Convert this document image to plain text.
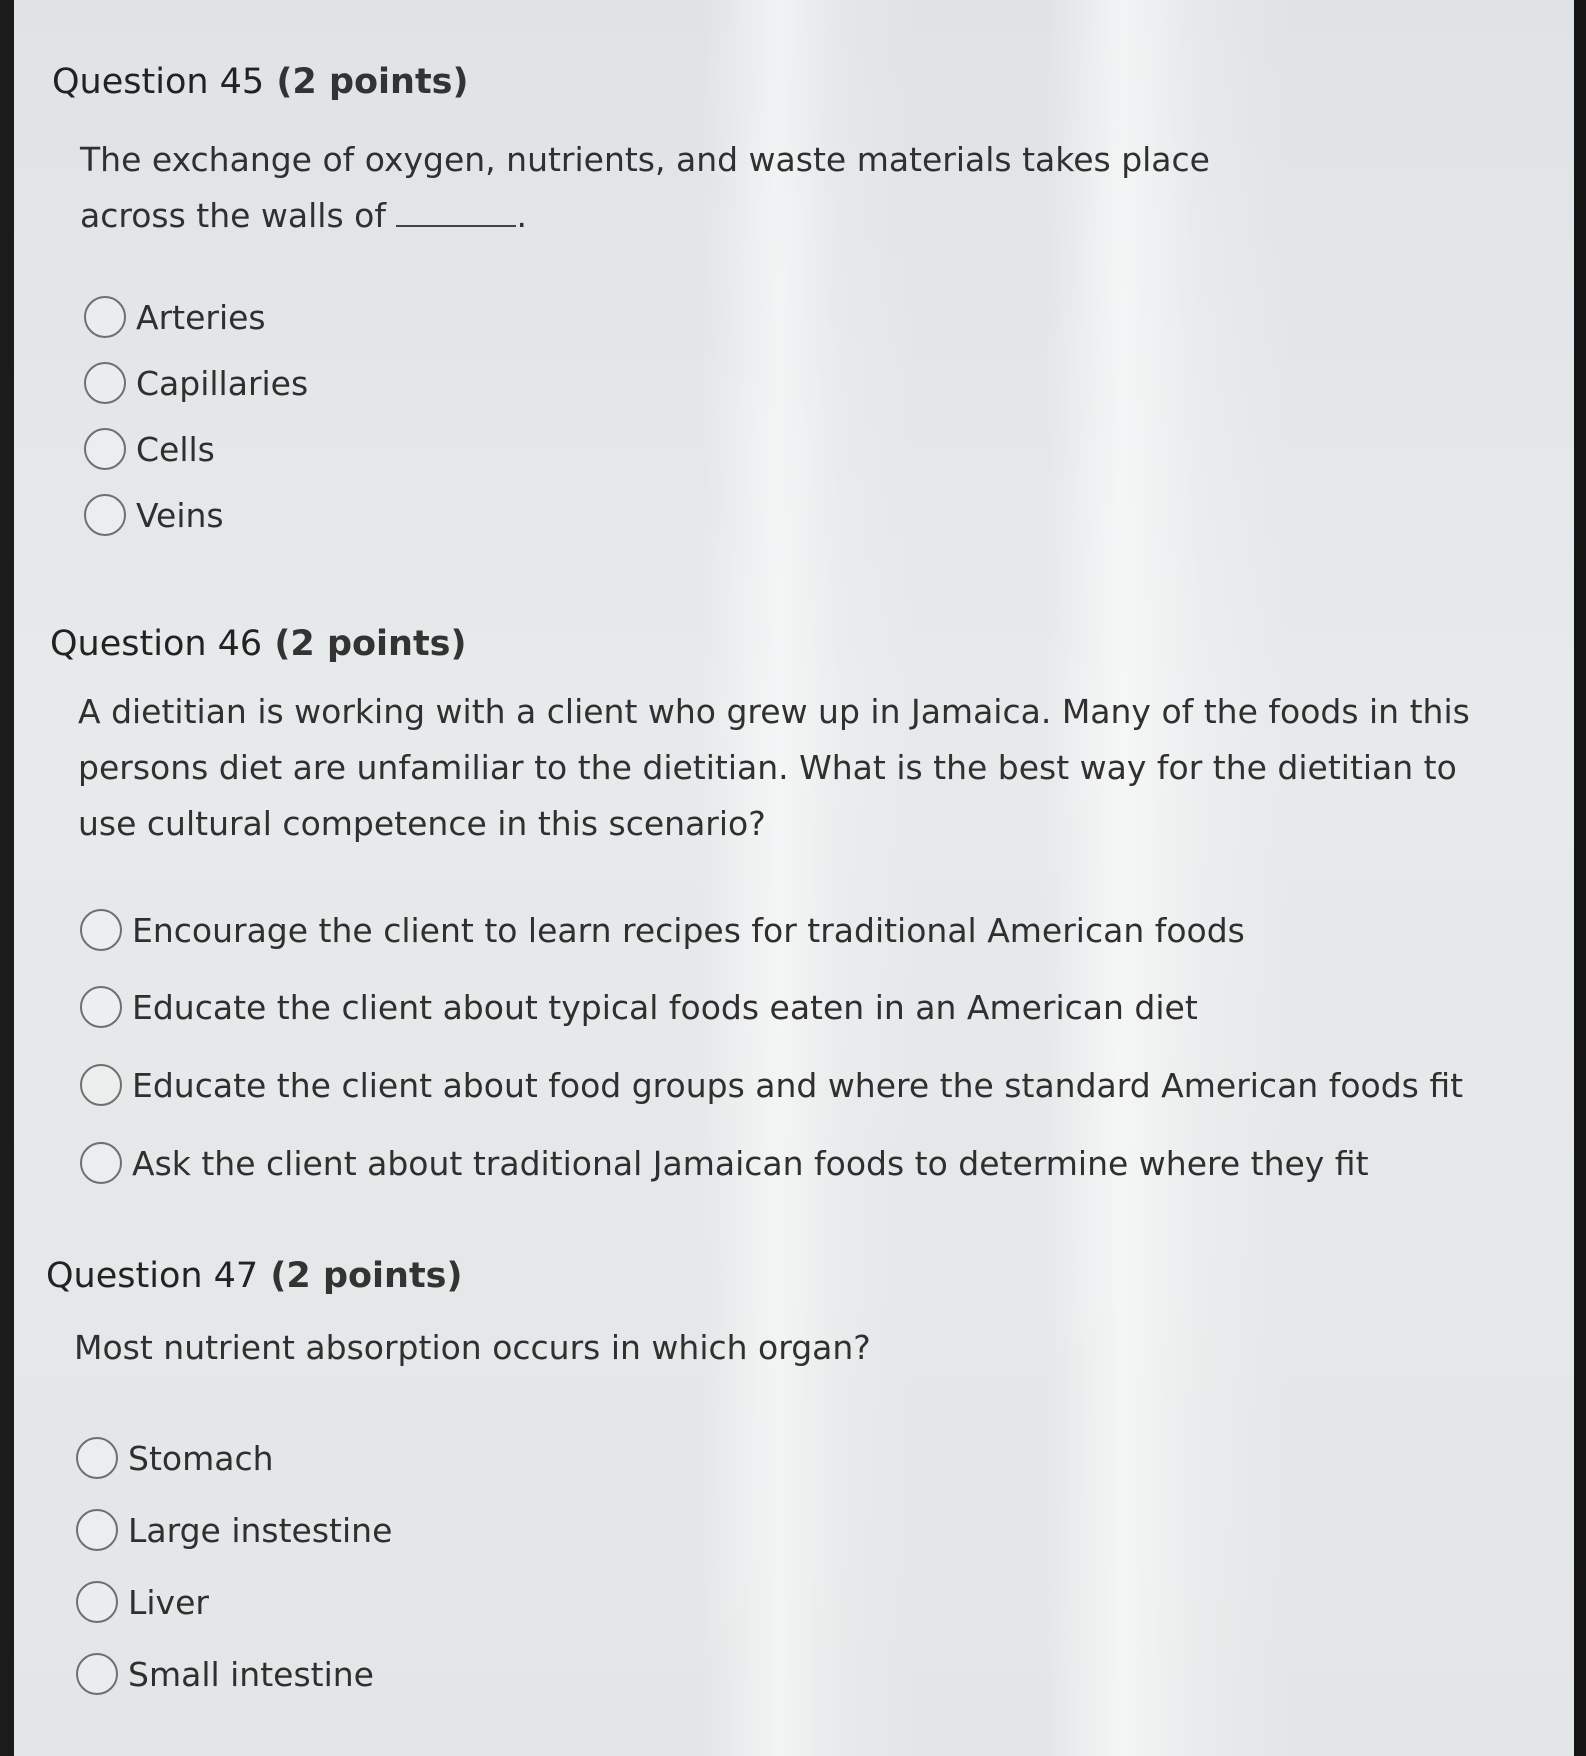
Question 45 (2 points)

The exchange of oxygen, nutrients, and waste materials takes place across the walls of	.

Arteries
Capillaries
Cells
Veins
Question 46 (2 points)
A dietitian is working with a client who grew up in Jamaica. Many of the foods in this
persons diet are unfamiliar to the dietitian. What is the best way for the dietitian to
use cultural competence in this scenario?
Encourage the client to learn recipes for traditional American foods
Educate the client about typical foods eaten in an American diet
Educate the client about food groups and where the standard American foods fit
Ask the client about traditional Jamaican foods to determine where they fit
Question 47 (2 points)

Most nutrient absorption occurs in which organ?

Stomach
Large instestine
Liver
Small intestine
